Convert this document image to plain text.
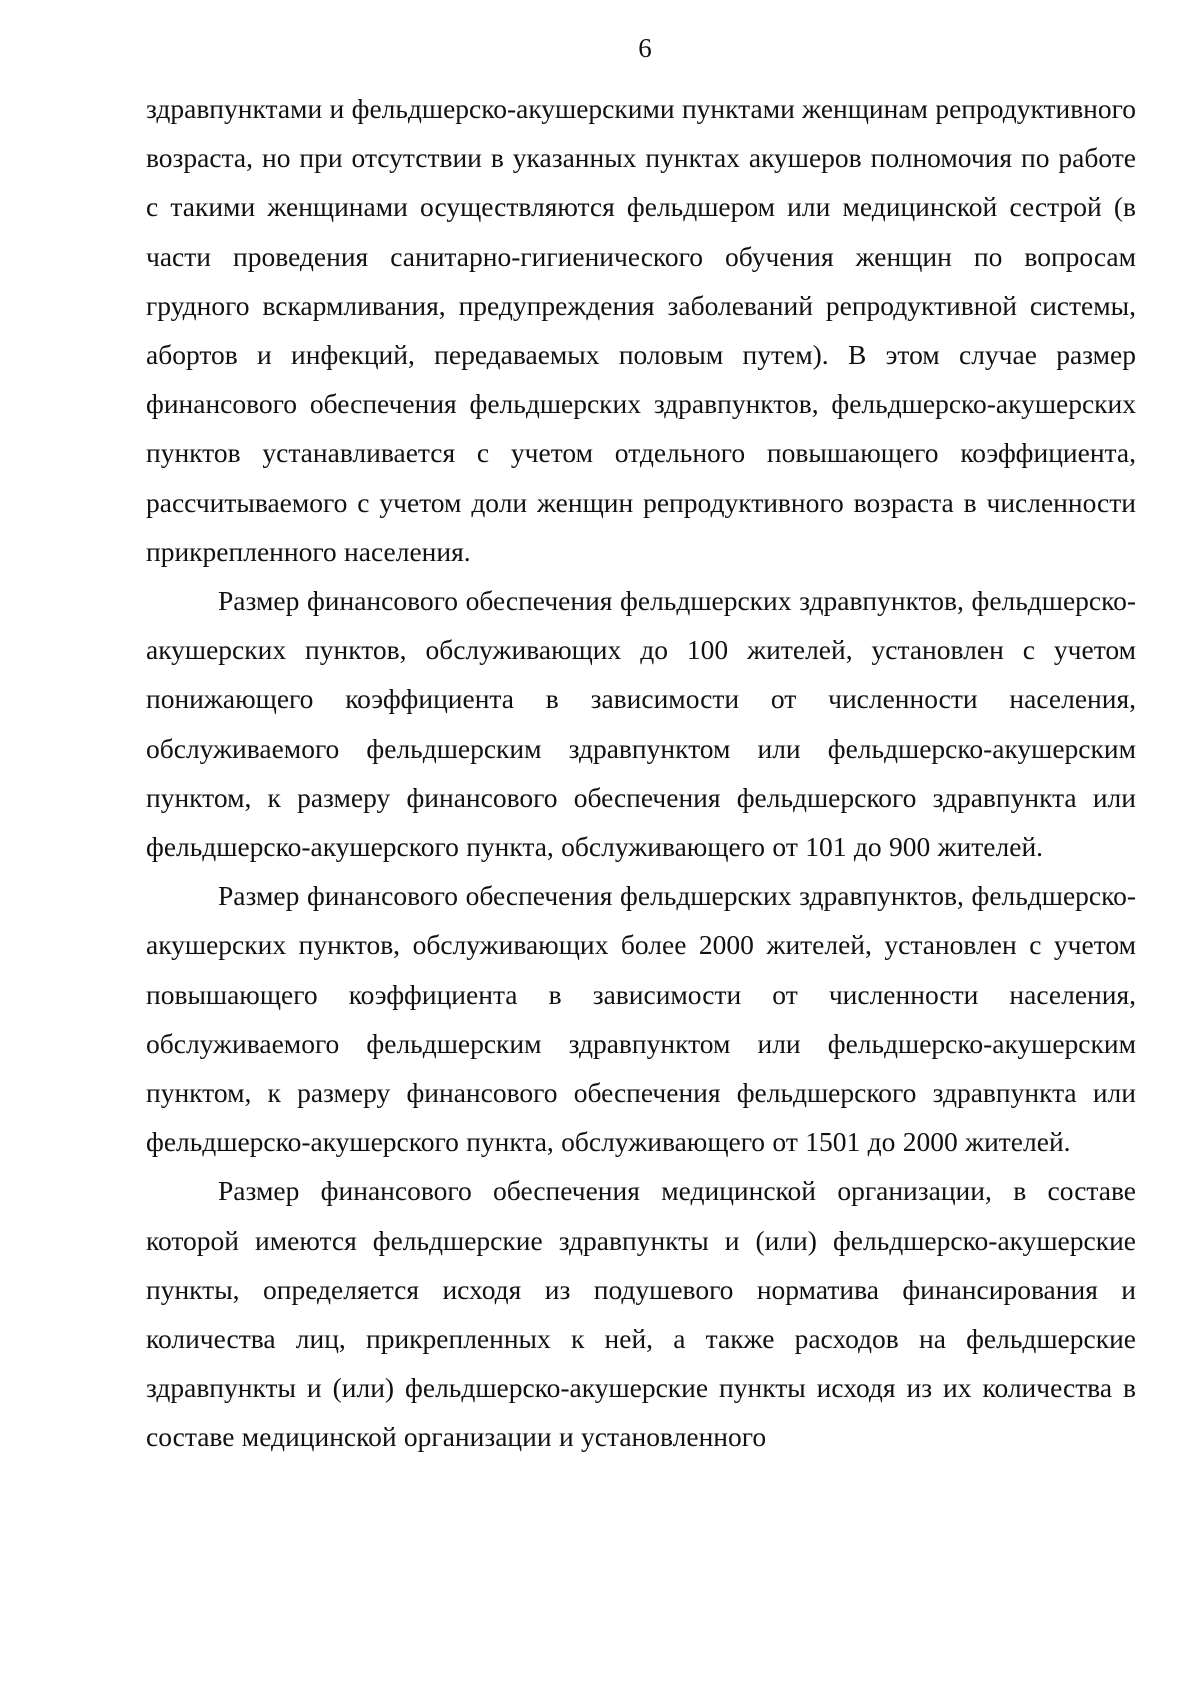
6

здравпунктами и фельдшерско-акушерскими пунктами женщинам репродуктивного возраста, но при отсутствии в указанных пунктах акушеров полномочия по работе с такими женщинами осуществляются фельдшером или медицинской сестрой (в части проведения санитарно-гигиенического обучения женщин по вопросам грудного вскармливания, предупреждения заболеваний репродуктивной системы, абортов и инфекций, передаваемых половым путем). В этом случае размер финансового обеспечения фельдшерских здравпунктов, фельдшерско-акушерских пунктов устанавливается с учетом отдельного повышающего коэффициента, рассчитываемого с учетом доли женщин репродуктивного возраста в численности прикрепленного населения.

Размер финансового обеспечения фельдшерских здравпунктов, фельдшерско-акушерских пунктов, обслуживающих до 100 жителей, установлен с учетом понижающего коэффициента в зависимости от численности населения, обслуживаемого фельдшерским здравпунктом или фельдшерско-акушерским пунктом, к размеру финансового обеспечения фельдшерского здравпункта или фельдшерско-акушерского пункта, обслуживающего от 101 до 900 жителей.

Размер финансового обеспечения фельдшерских здравпунктов, фельдшерско-акушерских пунктов, обслуживающих более 2000 жителей, установлен с учетом повышающего коэффициента в зависимости от численности населения, обслуживаемого фельдшерским здравпунктом или фельдшерско-акушерским пунктом, к размеру финансового обеспечения фельдшерского здравпункта или фельдшерско-акушерского пункта, обслуживающего от 1501 до 2000 жителей.

Размер финансового обеспечения медицинской организации, в составе которой имеются фельдшерские здравпункты и (или) фельдшерско-акушерские пункты, определяется исходя из подушевого норматива финансирования и количества лиц, прикрепленных к ней, а также расходов на фельдшерские здравпункты и (или) фельдшерско-акушерские пункты исходя из их количества в составе медицинской организации и установленного
